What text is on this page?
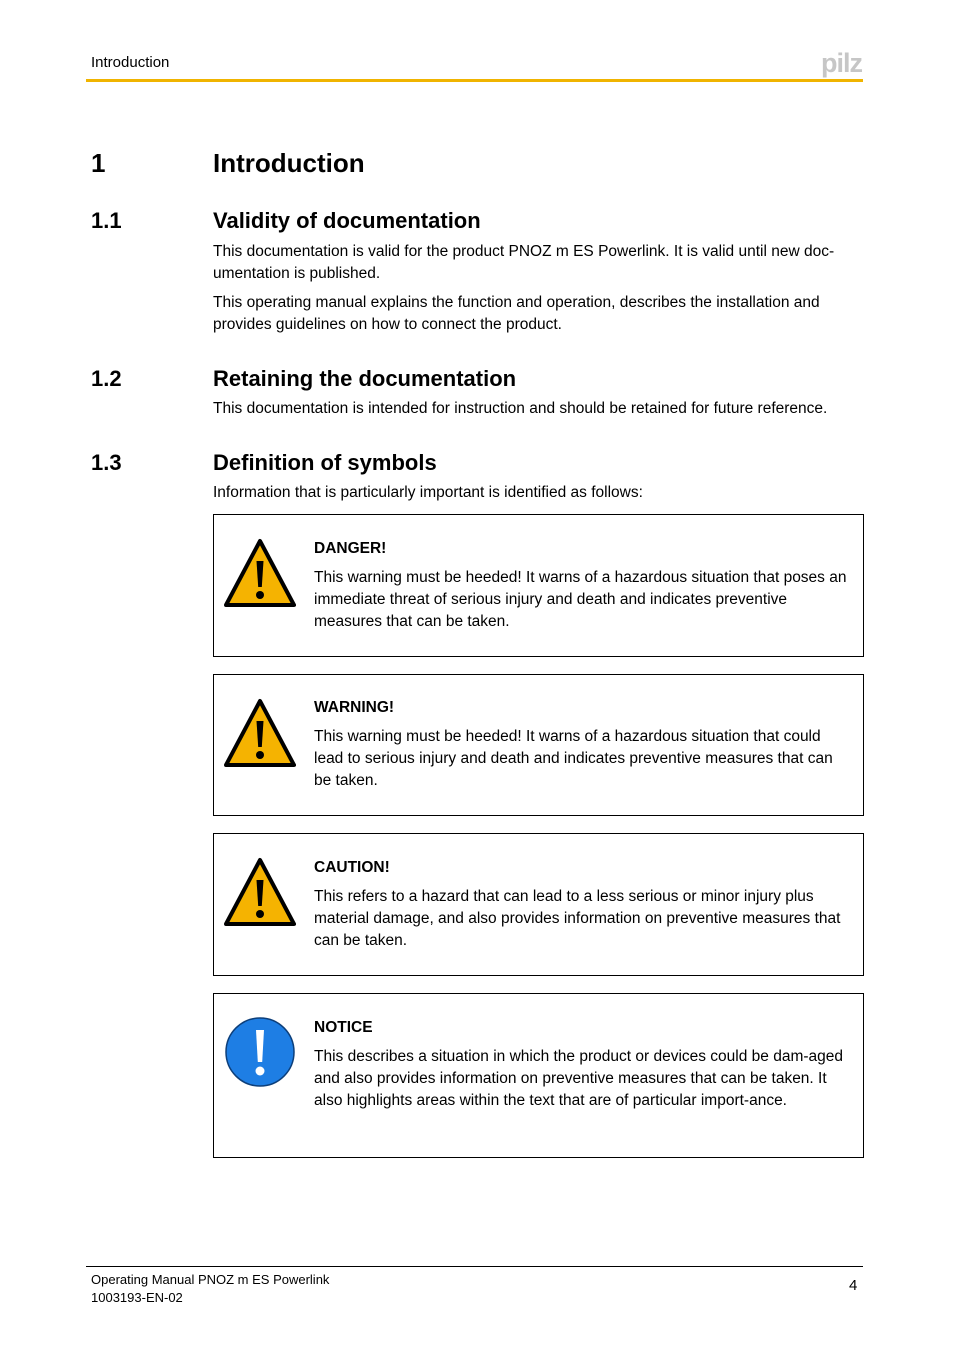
Introduction	pilz
1	Introduction
1.1	Validity of documentation
This documentation is valid for the product PNOZ m ES Powerlink. It is valid until new doc-umentation is published.
This operating manual explains the function and operation, describes the installation and provides guidelines on how to connect the product.
1.2	Retaining the documentation
This documentation is intended for instruction and should be retained for future reference.
1.3	Definition of symbols
Information that is particularly important is identified as follows:
DANGER!
This warning must be heeded! It warns of a hazardous situation that poses an immediate threat of serious injury and death and indicates preventive measures that can be taken.
WARNING!
This warning must be heeded! It warns of a hazardous situation that could lead to serious injury and death and indicates preventive measures that can be taken.
CAUTION!
This refers to a hazard that can lead to a less serious or minor injury plus material damage, and also provides information on preventive measures that can be taken.
NOTICE
This describes a situation in which the product or devices could be dam-aged and also provides information on preventive measures that can be taken. It also highlights areas within the text that are of particular import-ance.
Operating Manual PNOZ m ES Powerlink
1003193-EN-02
4
